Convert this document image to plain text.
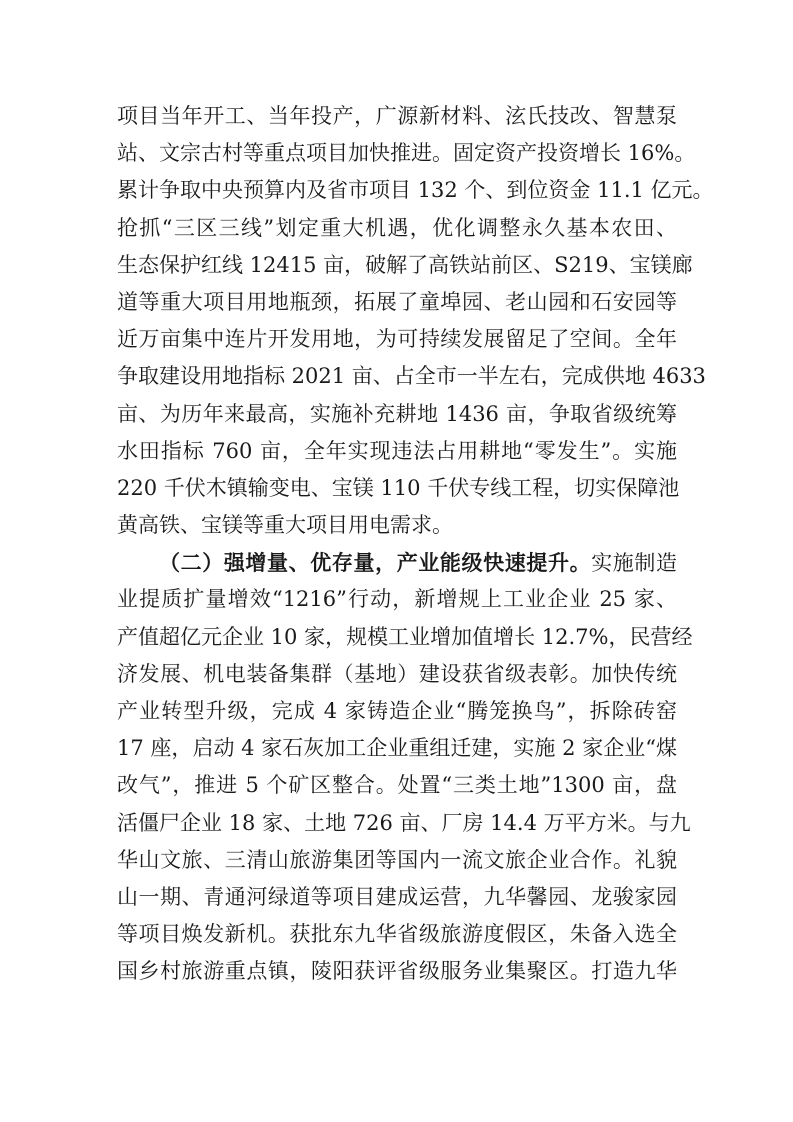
项目当年开工、当年投产，广源新材料、泫氏技改、智慧泵
站、文宗古村等重点项目加快推进。固定资产投资增长 16%。
累计争取中央预算内及省市项目 132 个、到位资金 11.1 亿元。
抢抓“三区三线”划定重大机遇，优化调整永久基本农田、
生态保护红线 12415 亩，破解了高铁站前区、S219、宝镁廊
道等重大项目用地瓶颈，拓展了童埠园、老山园和石安园等
近万亩集中连片开发用地，为可持续发展留足了空间。全年
争取建设用地指标 2021 亩、占全市一半左右，完成供地 4633
亩、为历年来最高，实施补充耕地 1436 亩，争取省级统筹
水田指标 760 亩，全年实现违法占用耕地“零发生”。实施
220 千伏木镇输变电、宝镁 110 千伏专线工程，切实保障池
黄高铁、宝镁等重大项目用电需求。
（二）强增量、优存量，产业能级快速提升。实施制造
业提质扩量增效“1216”行动，新增规上工业企业 25 家、
产值超亿元企业 10 家，规模工业增加值增长 12.7%，民营经
济发展、机电装备集群（基地）建设获省级表彰。加快传统
产业转型升级，完成 4 家铸造企业“腾笼换鸟”，拆除砖窑
17 座，启动 4 家石灰加工企业重组迁建，实施 2 家企业“煤
改气”，推进 5 个矿区整合。处置“三类土地”1300 亩，盘
活僵尸企业 18 家、土地 726 亩、厂房 14.4 万平方米。与九
华山文旅、三清山旅游集团等国内一流文旅企业合作。礼貌
山一期、青通河绿道等项目建成运营，九华馨园、龙骏家园
等项目焕发新机。获批东九华省级旅游度假区，朱备入选全
国乡村旅游重点镇，陵阳获评省级服务业集聚区。打造九华
